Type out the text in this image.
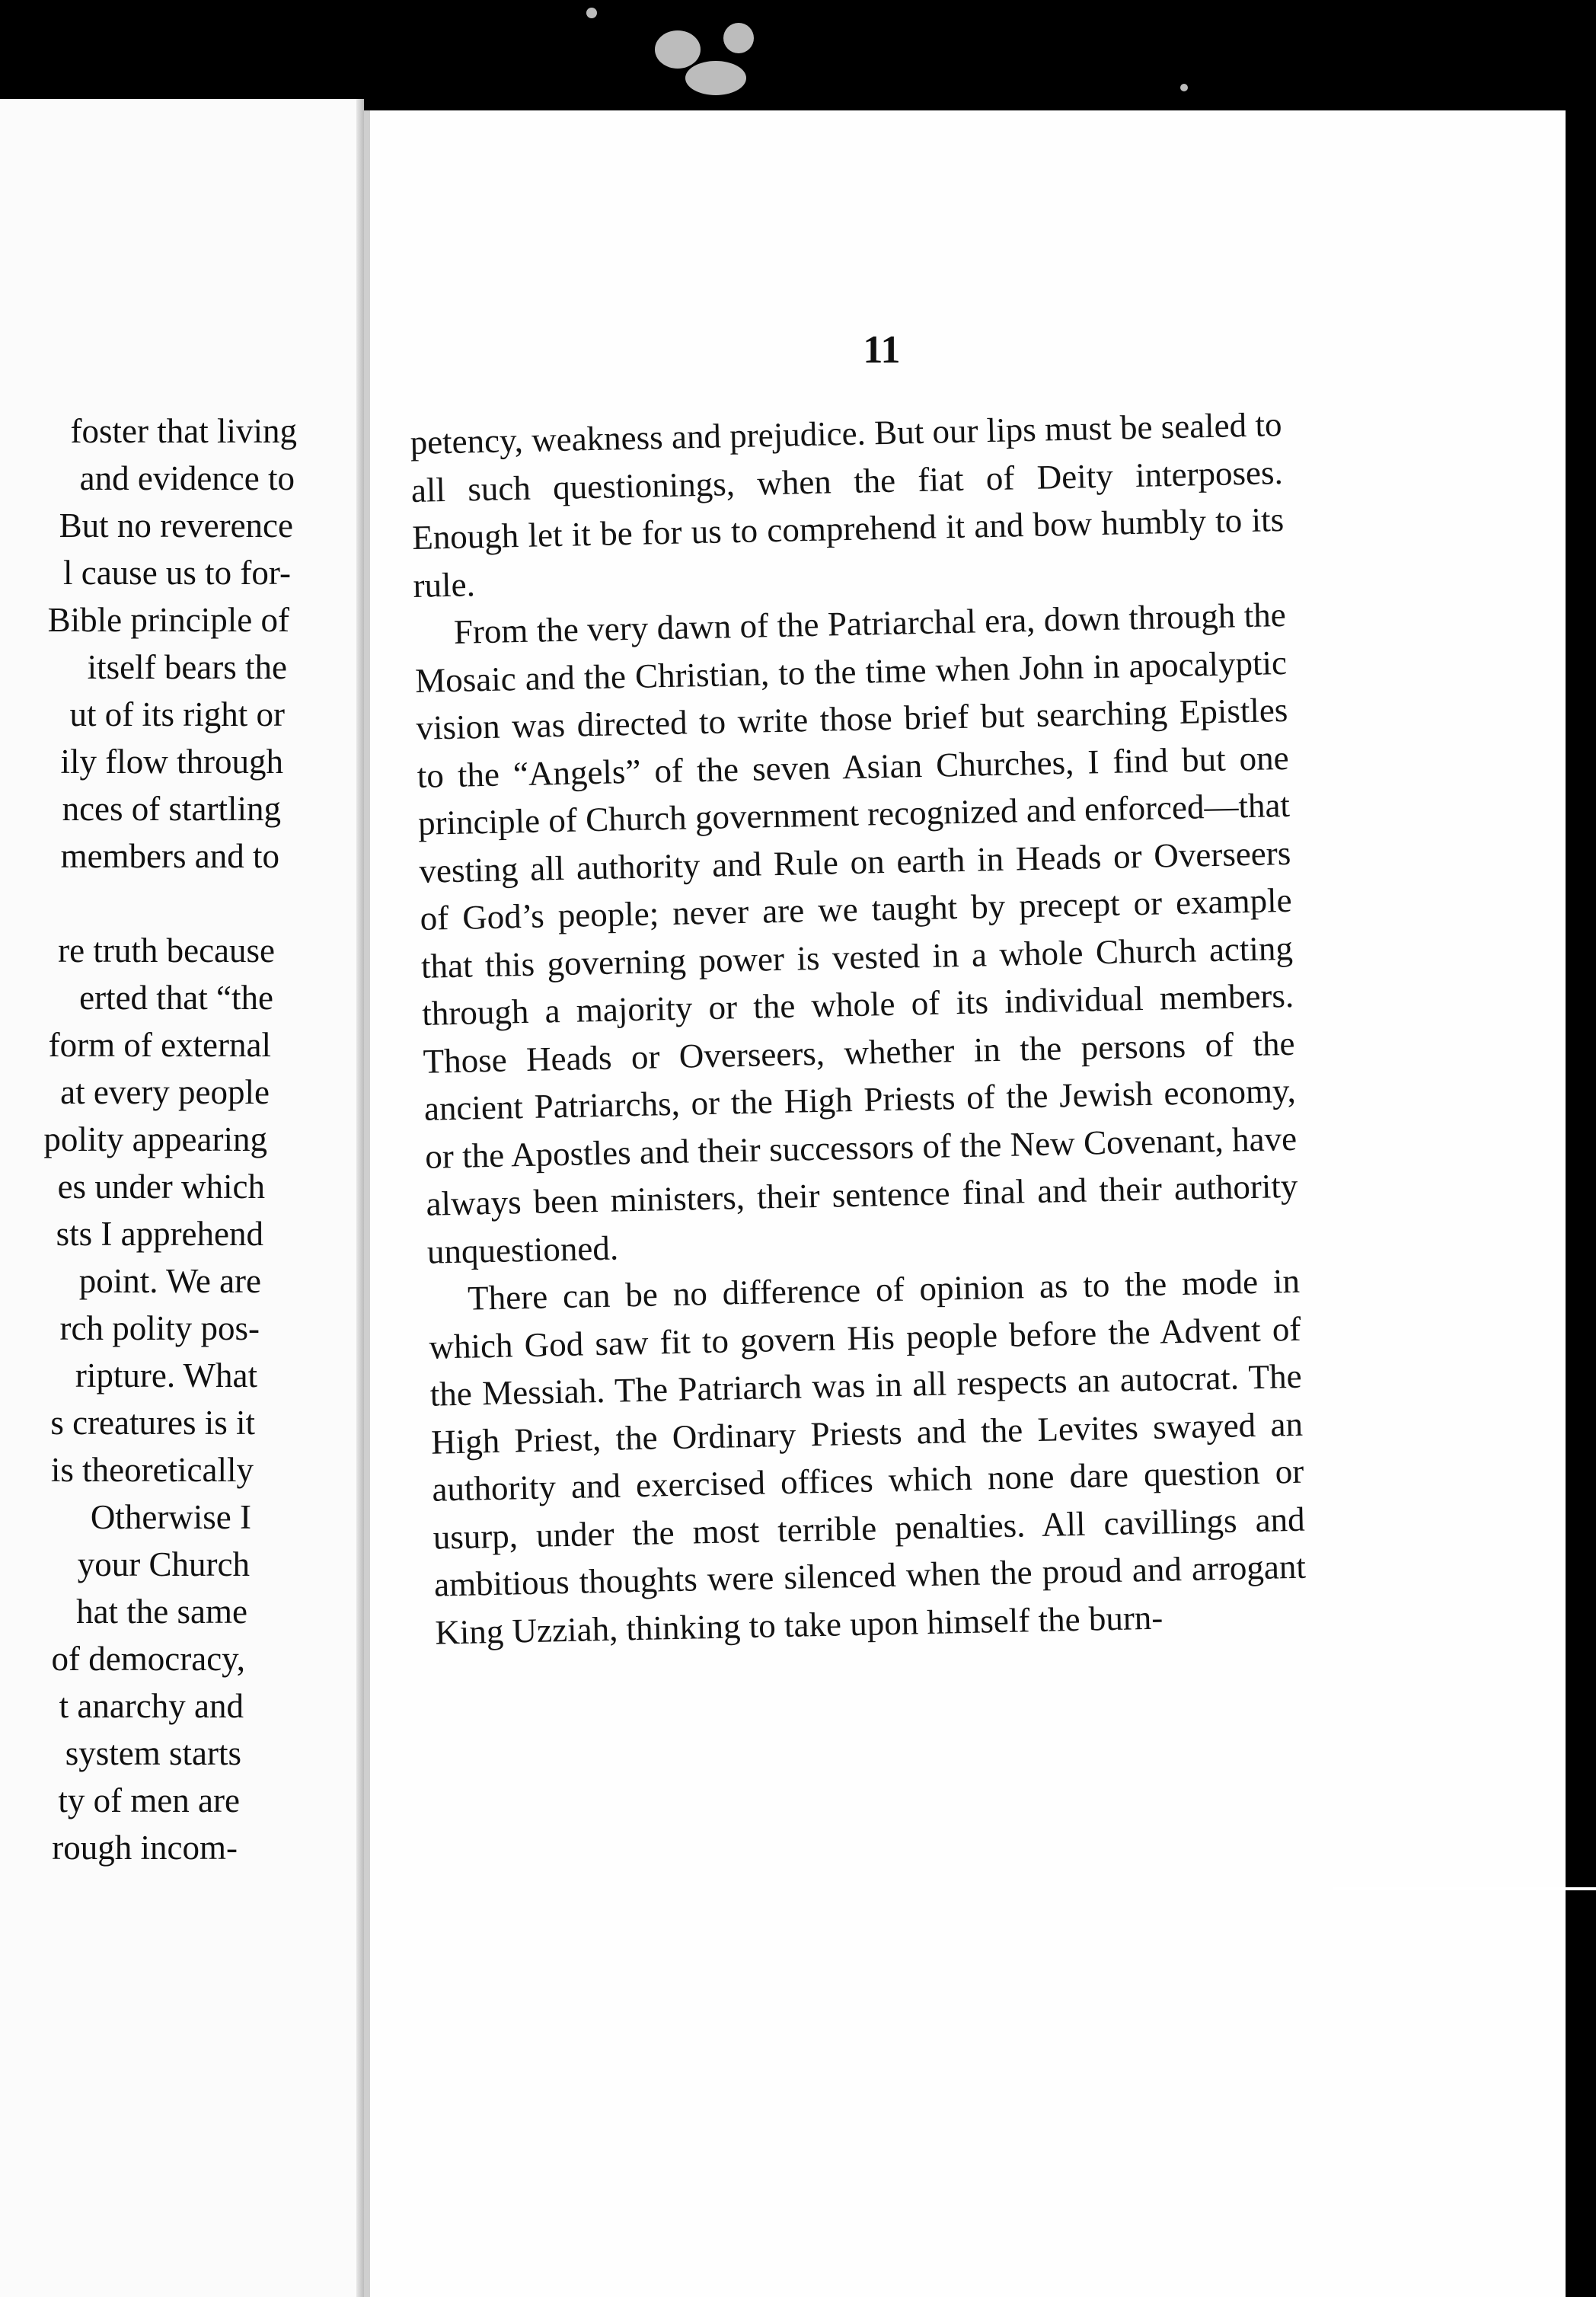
foster that living
and evidence to
But no reverence
l cause us to for-
Bible principle of
itself bears the
ut of its right or
ily flow through
nces of startling
members and to
re truth because
erted that “the
form of external
at every people
polity appearing
es under which
sts I apprehend
point. We are
rch polity pos-
ripture. What
s creatures is it
is theoretically
Otherwise I
your Church
hat the same
of democracy,
t anarchy and
system starts
ty of men are
rough incom-
11

petency, weakness and prejudice. But our lips must be sealed to all such questionings, when the fiat of Deity interposes. Enough let it be for us to comprehend it and bow humbly to its rule.

From the very dawn of the Patriarchal era, down through the Mosaic and the Christian, to the time when John in apocalyptic vision was directed to write those brief but searching Epistles to the “Angels” of the seven Asian Churches, I find but one principle of Church government recognized and enforced—that vesting all authority and Rule on earth in Heads or Overseers of God’s people; never are we taught by precept or example that this governing power is vested in a whole Church acting through a majority or the whole of its individual members. Those Heads or Overseers, whether in the persons of the ancient Patriarchs, or the High Priests of the Jewish economy, or the Apostles and their successors of the New Covenant, have always been ministers, their sentence final and their authority unquestioned.

There can be no difference of opinion as to the mode in which God saw fit to govern His people before the Advent of the Messiah. The Patriarch was in all respects an autocrat. The High Priest, the Ordinary Priests and the Levites swayed an authority and exercised offices which none dare question or usurp, under the most terrible penalties. All cavillings and ambitious thoughts were silenced when the proud and arrogant King Uzziah, thinking to take upon himself the burn-
